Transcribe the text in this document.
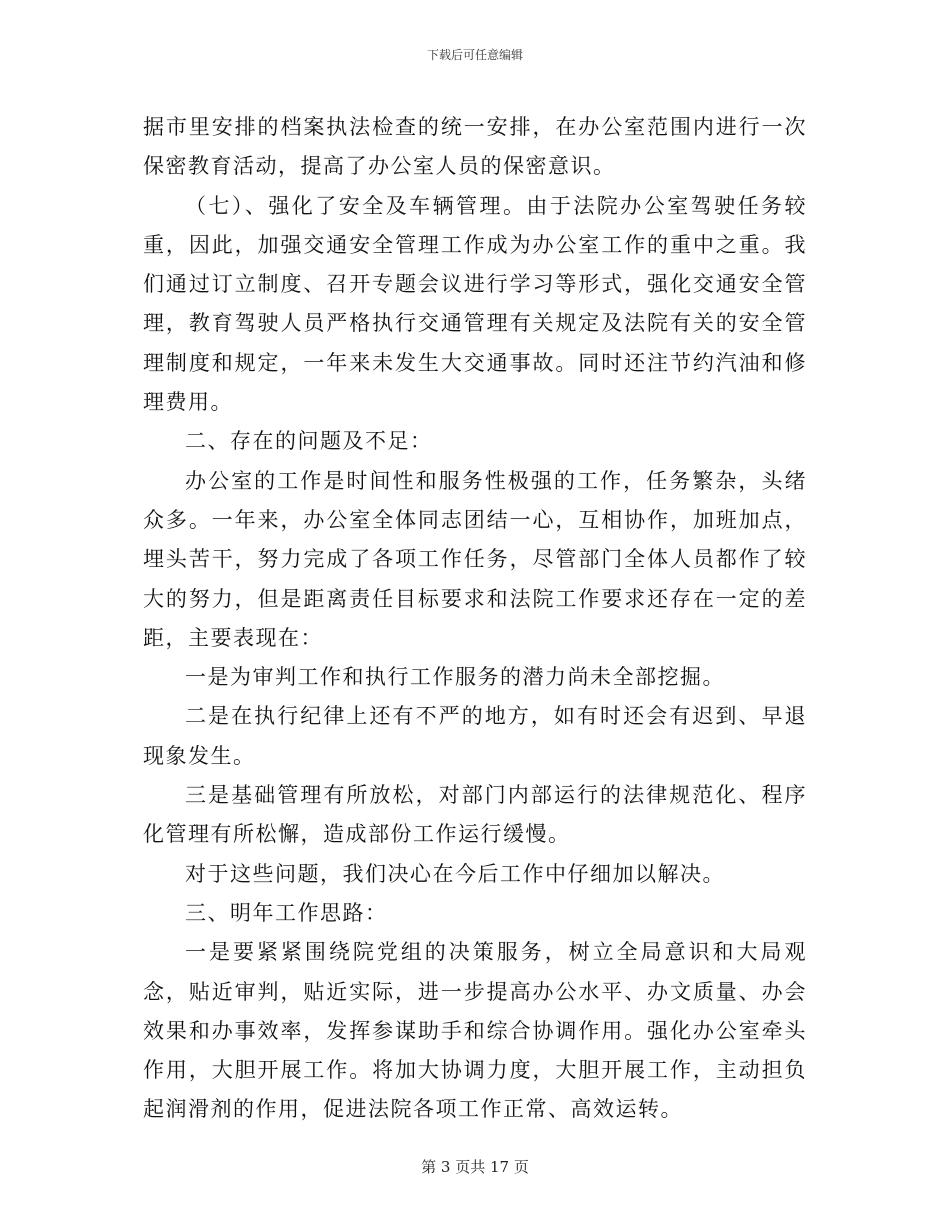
下载后可任意编辑

据市里安排的档案执法检查的统一安排，在办公室范围内进行一次保密教育活动，提高了办公室人员的保密意识。

（七）、强化了安全及车辆管理。由于法院办公室驾驶任务较重，因此，加强交通安全管理工作成为办公室工作的重中之重。我们通过订立制度、召开专题会议进行学习等形式，强化交通安全管理，教育驾驶人员严格执行交通管理有关规定及法院有关的安全管理制度和规定，一年来未发生大交通事故。同时还注节约汽油和修理费用。

二、存在的问题及不足：

办公室的工作是时间性和服务性极强的工作，任务繁杂，头绪众多。一年来，办公室全体同志团结一心，互相协作，加班加点，埋头苦干，努力完成了各项工作任务，尽管部门全体人员都作了较大的努力，但是距离责任目标要求和法院工作要求还存在一定的差距，主要表现在：

一是为审判工作和执行工作服务的潜力尚未全部挖掘。

二是在执行纪律上还有不严的地方，如有时还会有迟到、早退现象发生。

三是基础管理有所放松，对部门内部运行的法律规范化、程序化管理有所松懈，造成部份工作运行缓慢。

对于这些问题，我们决心在今后工作中仔细加以解决。

三、明年工作思路：

一是要紧紧围绕院党组的决策服务，树立全局意识和大局观念，贴近审判，贴近实际，进一步提高办公水平、办文质量、办会效果和办事效率，发挥参谋助手和综合协调作用。强化办公室牵头作用，大胆开展工作。将加大协调力度，大胆开展工作，主动担负起润滑剂的作用，促进法院各项工作正常、高效运转。

第 3 页共 17 页
